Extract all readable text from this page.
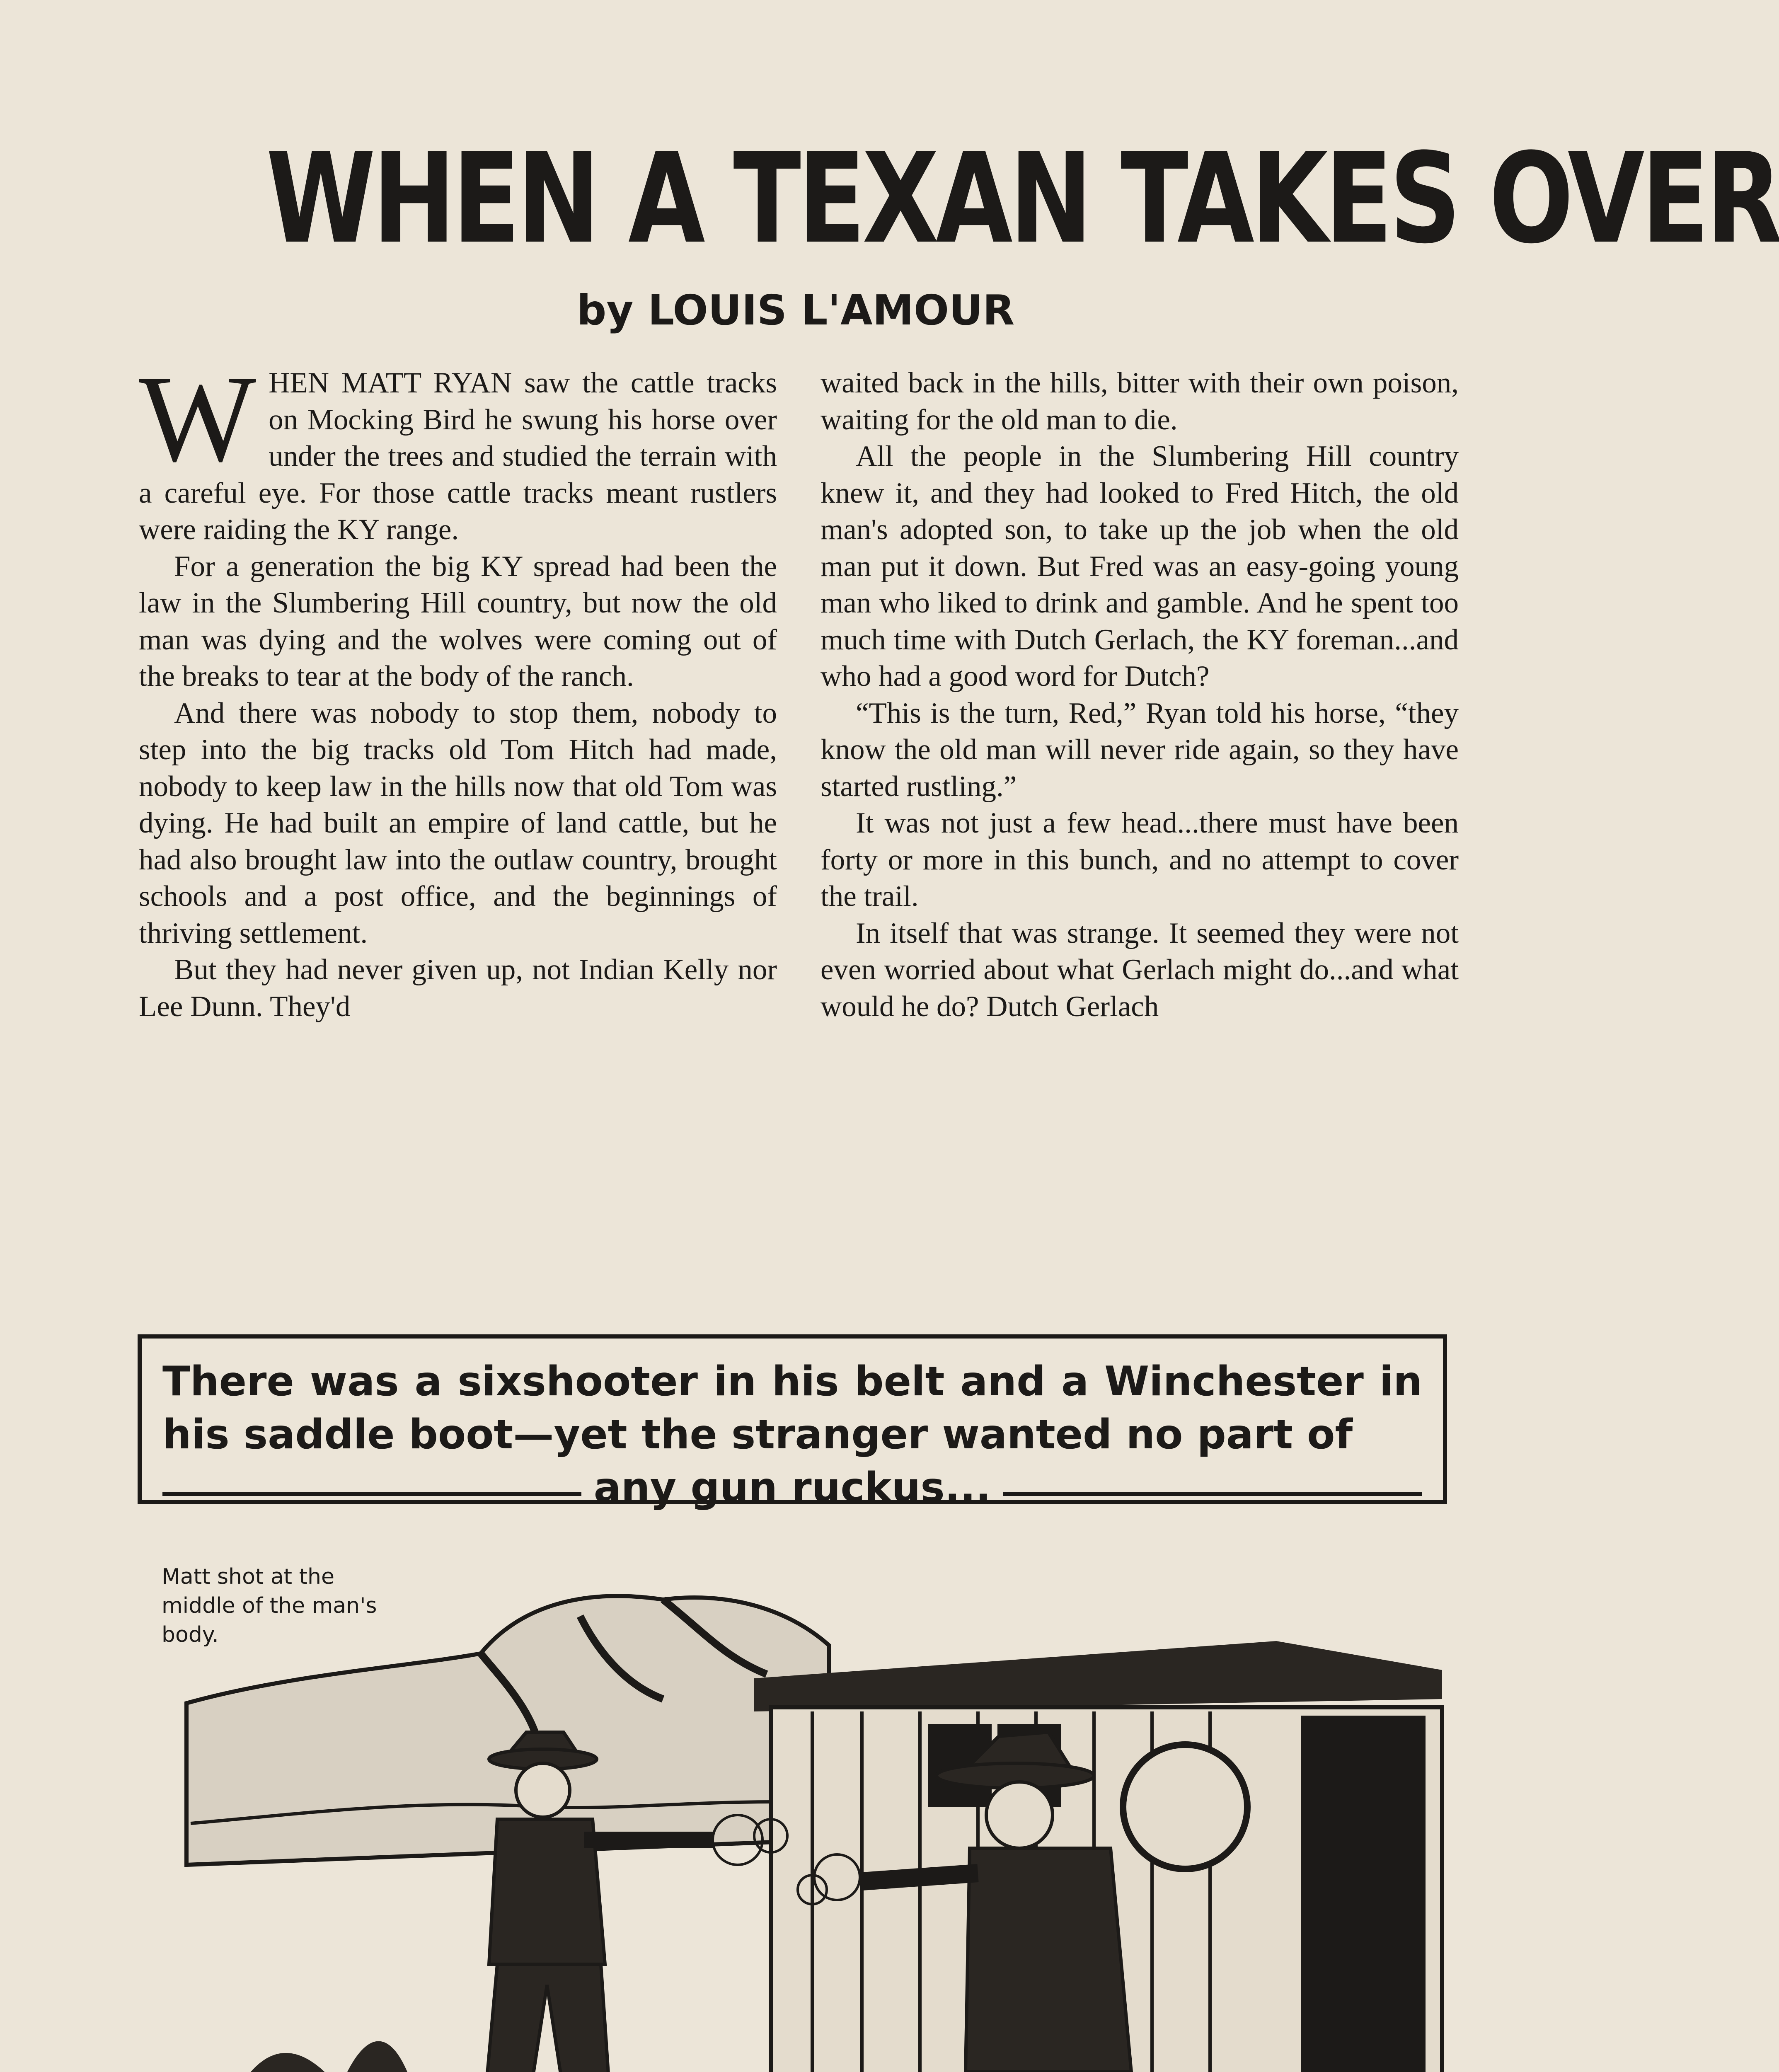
WHEN A TEXAN TAKES OVER
by LOUIS L'AMOUR

WHEN MATT RYAN saw the cattle tracks on Mocking Bird he swung his horse over under the trees and studied the terrain with a careful eye. For those cattle tracks meant rustlers were raiding the KY range.

For a generation the big KY spread had been the law in the Slumbering Hill country, but now the old man was dying and the wolves were coming out of the breaks to tear at the body of the ranch.

And there was nobody to stop them, nobody to step into the big tracks old Tom Hitch had made, nobody to keep law in the hills now that old Tom was dying. He had built an empire of land cattle, but he had also brought law into the outlaw country, brought schools and a post office, and the beginnings of thriving settlement.

But they had never given up, not Indian Kelly nor Lee Dunn. They'd

waited back in the hills, bitter with their own poison, waiting for the old man to die.

All the people in the Slumbering Hill country knew it, and they had looked to Fred Hitch, the old man's adopted son, to take up the job when the old man put it down. But Fred was an easy-going young man who liked to drink and gamble. And he spent too much time with Dutch Gerlach, the KY foreman...and who had a good word for Dutch?

“This is the turn, Red,” Ryan told his horse, “they know the old man will never ride again, so they have started rustling.”

It was not just a few head...there must have been forty or more in this bunch, and no attempt to cover the trail.

In itself that was strange. It seemed they were not even worried about what Gerlach might do...and what would he do? Dutch Gerlach

There was a sixshooter in his belt and a Winchester in his saddle boot—yet the stranger wanted no part of
any gun ruckus...
Matt shot at the middle of the man's body.
